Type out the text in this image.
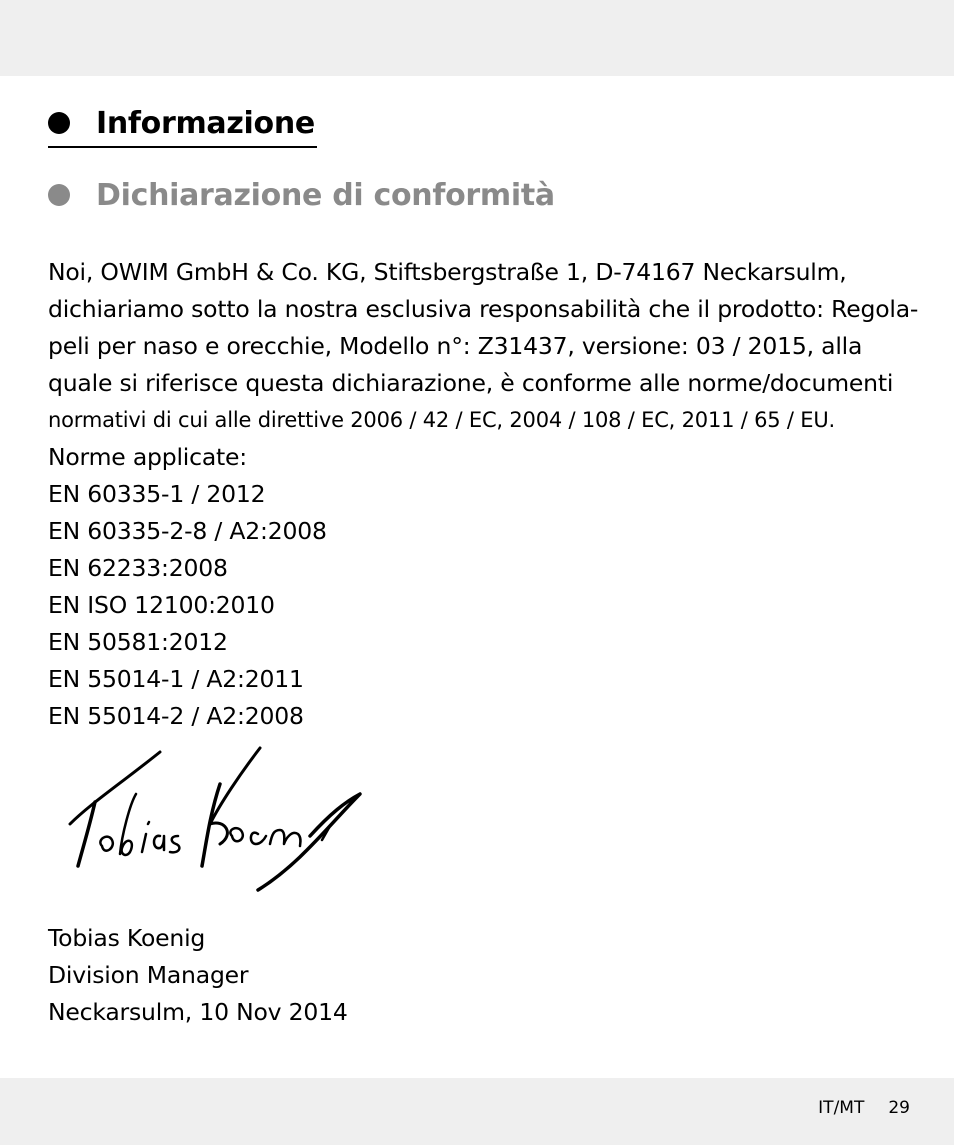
Informazione
Dichiarazione di conformità
Noi, OWIM GmbH & Co. KG, Stiftsbergstraße 1, D-74167 Neckarsulm,
dichiariamo sotto la nostra esclusiva responsabilità che il prodotto: Regola-
peli per naso e orecchie, Modello n°: Z31437, versione: 03 / 2015, alla
quale si riferisce questa dichiarazione, è conforme alle norme/documenti
normativi di cui alle direttive 2006 / 42 / EC, 2004 / 108 / EC, 2011 / 65 / EU.
Norme applicate:
EN 60335-1 / 2012
EN 60335-2-8 / A2:2008
EN 62233:2008
EN ISO 12100:2010
EN 50581:2012
EN 55014-1 / A2:2011
EN 55014-2 / A2:2008
Tobias Koenig
Division Manager
Neckarsulm, 10 Nov 2014
IT/MT 29
